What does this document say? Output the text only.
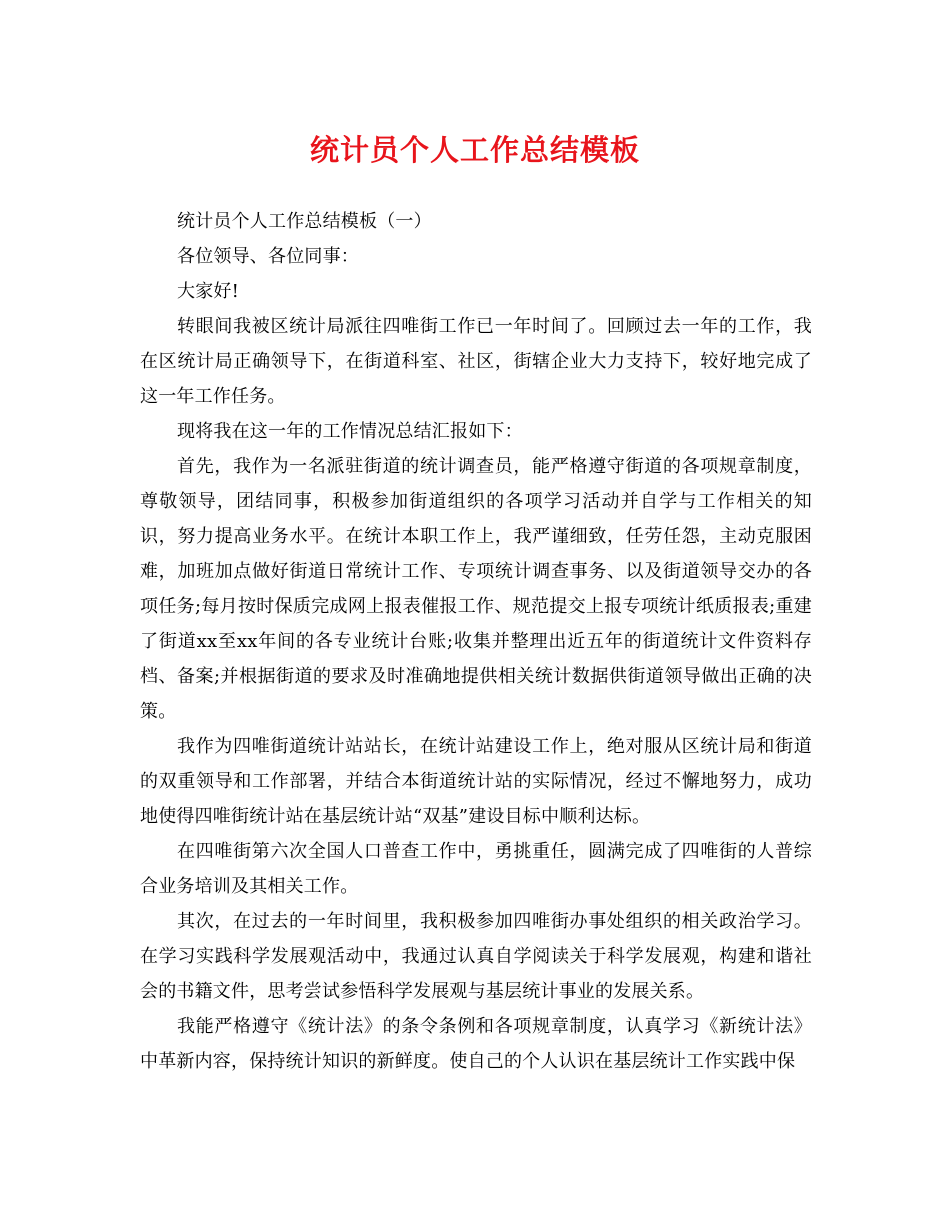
统计员个人工作总结模板

统计员个人工作总结模板（一）

各位领导、各位同事：

大家好!

转眼间我被区统计局派往四唯街工作已一年时间了。回顾过去一年的工作，我在区统计局正确领导下，在街道科室、社区，街辖企业大力支持下，较好地完成了这一年工作任务。

现将我在这一年的工作情况总结汇报如下：

首先，我作为一名派驻街道的统计调查员，能严格遵守街道的各项规章制度，尊敬领导，团结同事，积极参加街道组织的各项学习活动并自学与工作相关的知识，努力提高业务水平。在统计本职工作上，我严谨细致，任劳任怨，主动克服困难，加班加点做好街道日常统计工作、专项统计调查事务、以及街道领导交办的各项任务;每月按时保质完成网上报表催报工作、规范提交上报专项统计纸质报表;重建了街道xx至xx年间的各专业统计台账;收集并整理出近五年的街道统计文件资料存档、备案;并根据街道的要求及时准确地提供相关统计数据供街道领导做出正确的决策。

我作为四唯街道统计站站长，在统计站建设工作上，绝对服从区统计局和街道的双重领导和工作部署，并结合本街道统计站的实际情况，经过不懈地努力，成功地使得四唯街统计站在基层统计站“双基”建设目标中顺利达标。

在四唯街第六次全国人口普查工作中，勇挑重任，圆满完成了四唯街的人普综合业务培训及其相关工作。

其次，在过去的一年时间里，我积极参加四唯街办事处组织的相关政治学习。在学习实践科学发展观活动中，我通过认真自学阅读关于科学发展观，构建和谐社会的书籍文件，思考尝试参悟科学发展观与基层统计事业的发展关系。

我能严格遵守《统计法》的条令条例和各项规章制度，认真学习《新统计法》中革新内容，保持统计知识的新鲜度。使自己的个人认识在基层统计工作实践中保
